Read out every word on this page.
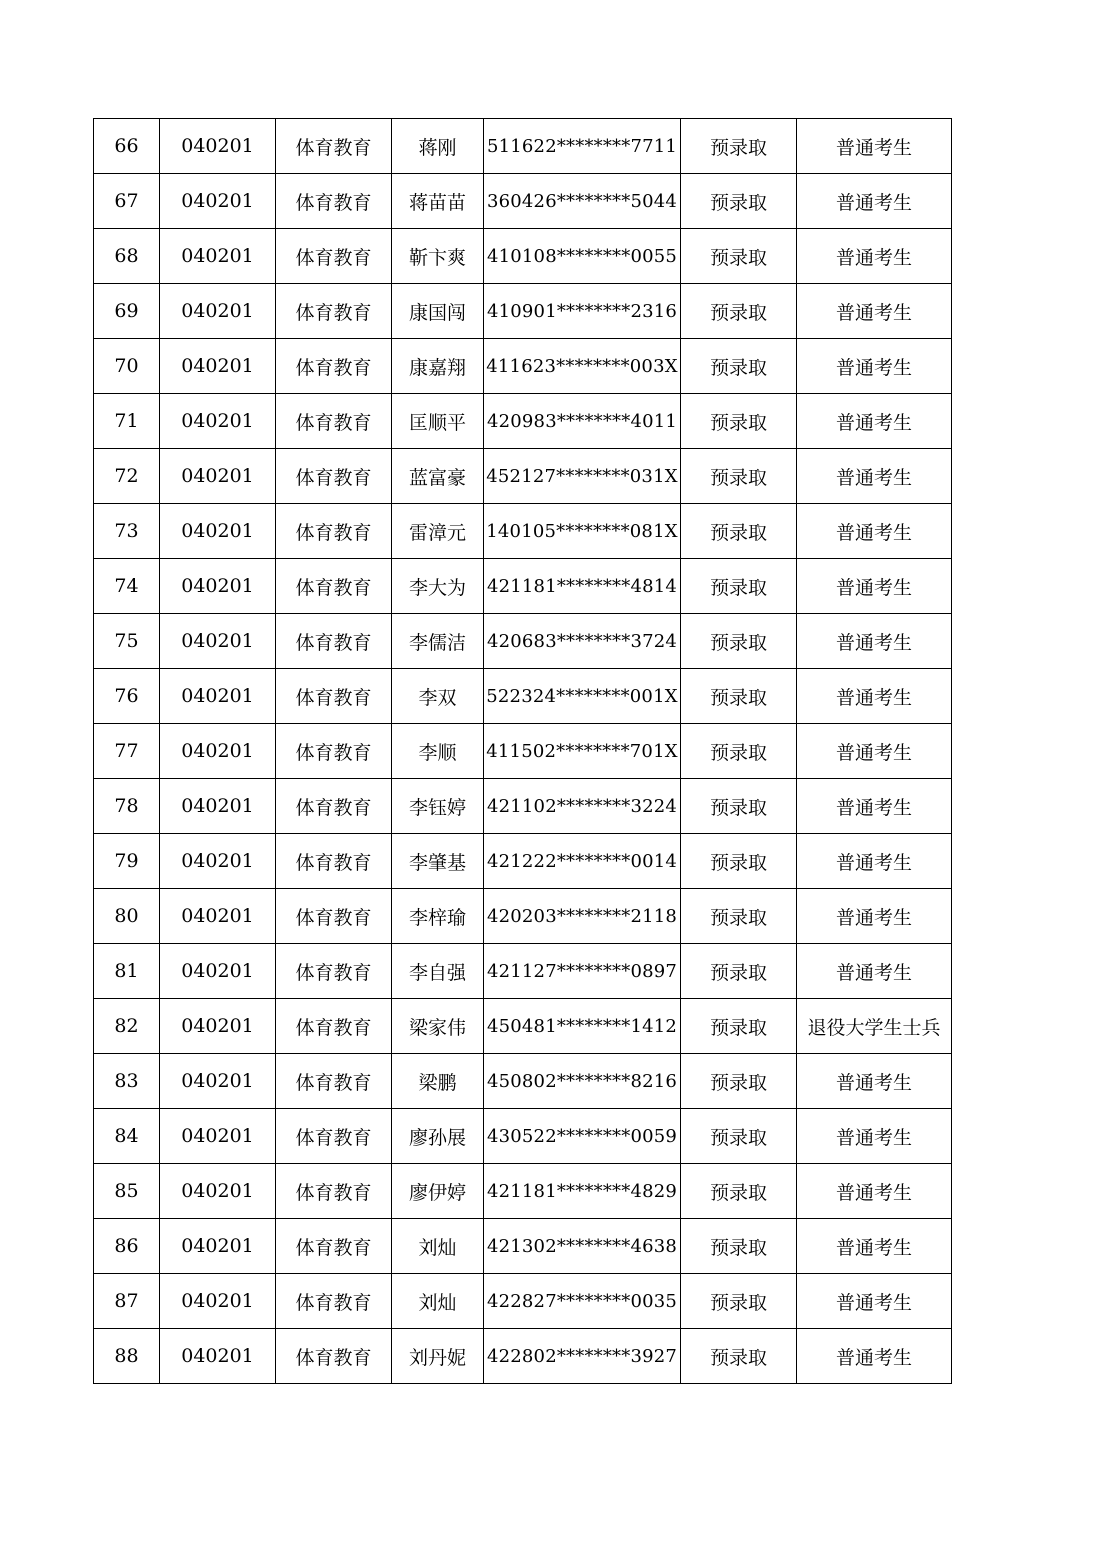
66	040201	体育教育	蒋刚	511622********7711	预录取	普通考生
67	040201	体育教育	蒋苗苗	360426********5044	预录取	普通考生
68	040201	体育教育	靳卞爽	410108********0055	预录取	普通考生
69	040201	体育教育	康国闯	410901********2316	预录取	普通考生
70	040201	体育教育	康嘉翔	411623********003X	预录取	普通考生
71	040201	体育教育	匡顺平	420983********4011	预录取	普通考生
72	040201	体育教育	蓝富豪	452127********031X	预录取	普通考生
73	040201	体育教育	雷漳元	140105********081X	预录取	普通考生
74	040201	体育教育	李大为	421181********4814	预录取	普通考生
75	040201	体育教育	李儒洁	420683********3724	预录取	普通考生
76	040201	体育教育	李双	522324********001X	预录取	普通考生
77	040201	体育教育	李顺	411502********701X	预录取	普通考生
78	040201	体育教育	李钰婷	421102********3224	预录取	普通考生
79	040201	体育教育	李肇基	421222********0014	预录取	普通考生
80	040201	体育教育	李梓瑜	420203********2118	预录取	普通考生
81	040201	体育教育	李自强	421127********0897	预录取	普通考生
82	040201	体育教育	梁家伟	450481********1412	预录取	退役大学生士兵
83	040201	体育教育	梁鹏	450802********8216	预录取	普通考生
84	040201	体育教育	廖孙展	430522********0059	预录取	普通考生
85	040201	体育教育	廖伊婷	421181********4829	预录取	普通考生
86	040201	体育教育	刘灿	421302********4638	预录取	普通考生
87	040201	体育教育	刘灿	422827********0035	预录取	普通考生
88	040201	体育教育	刘丹妮	422802********3927	预录取	普通考生
